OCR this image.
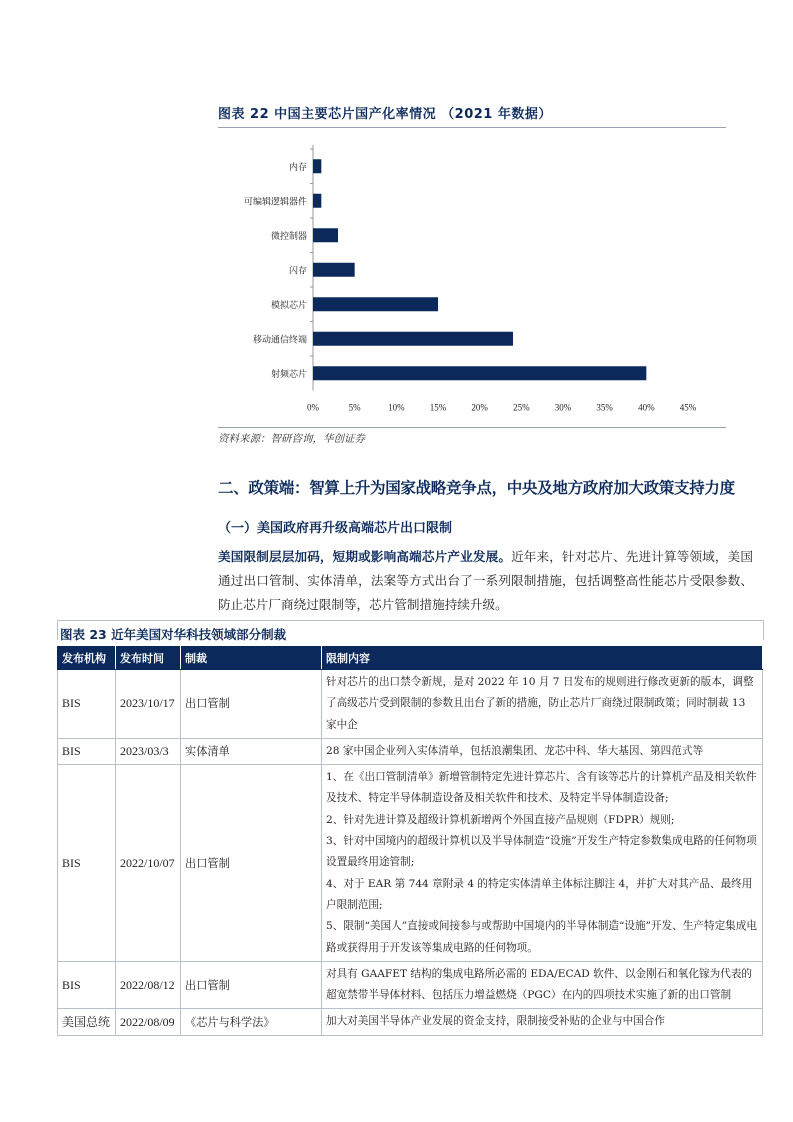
图表 22 中国主要芯片国产化率情况 （2021 年数据）
内存
可编辑逻辑器件
微控制器
闪存
模拟芯片
移动通信终端
射频芯片
0%	5%	10%	15%	20%	25%	30%	35%	40%	45%
资料来源：智研咨询，华创证券
二、政策端：智算上升为国家战略竞争点，中央及地方政府加大政策支持力度
（一）美国政府再升级高端芯片出口限制
美国限制层层加码，短期或影响高端芯片产业发展。近年来，针对芯片、先进计算等领域，美国通过出口管制、实体清单，法案等方式出台了一系列限制措施，包括调整高性能芯片受限参数、防止芯片厂商绕过限制等，芯片管制措施持续升级。
图表 23 近年美国对华科技领域部分制裁
发布机构	发布时间	制裁	限制内容
BIS	2023/10/17	出口管制	针对芯片的出口禁令新规，是对 2022 年 10 月 7 日发布的规则进行修改更新的版本，调整了高级芯片受到限制的参数且出台了新的措施，防止芯片厂商绕过限制政策；同时制裁 13 家中企

BIS	2023/03/3	实体清单	28 家中国企业列入实体清单，包括浪潮集团、龙芯中科、华大基因、第四范式等

BIS	2022/10/07	出口管制	1、在《出口管制清单》新增管制特定先进计算芯片、含有该等芯片的计算机产品及相关软件及技术、特定半导体制造设备及相关软件和技术、及特定半导体制造设备;
2、针对先进计算及超级计算机新增两个外国直接产品规则（FDPR）规则;
3、针对中国境内的超级计算机以及半导体制造“设施”开发生产特定参数集成电路的任何物项设置最终用途管制;
4、对于 EAR 第 744 章附录 4 的特定实体清单主体标注脚注 4，并扩大对其产品、最终用户限制范围;
5、限制“美国人”直接或间接参与或帮助中国境内的半导体制造“设施”开发、生产特定集成电路或获得用于开发该等集成电路的任何物项。

BIS	2022/08/12	出口管制	对具有 GAAFET 结构的集成电路所必需的 EDA/ECAD 软件、以金刚石和氧化镓为代表的超宽禁带半导体材料、包括压力增益燃烧（PGC）在内的四项技术实施了新的出口管制

美国总统	2022/08/09	《芯片与科学法》	加大对美国半导体产业发展的资金支持，限制接受补贴的企业与中国合作
